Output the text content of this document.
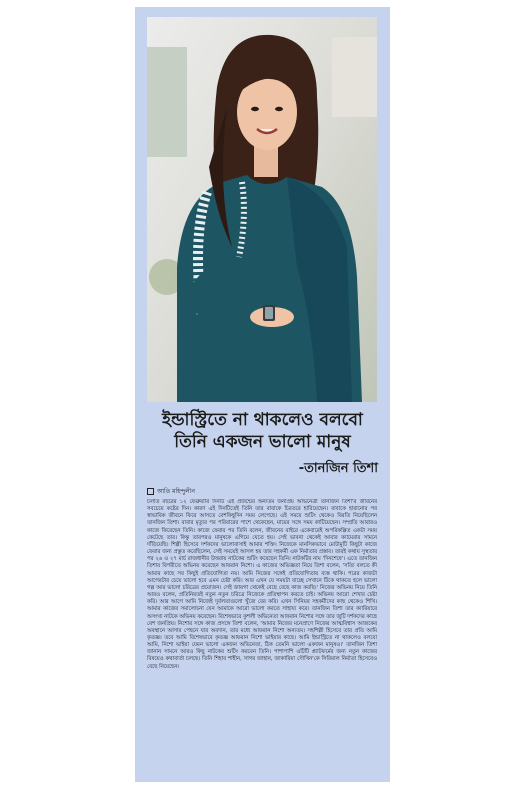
ইন্ডাস্ট্রিতে না থাকলেও বলবো
তিনি একজন ভালো মানুষ
-তানজিন তিশা
আতি মহিন্দুলীন
চলতি বছরের ১২ ফেব্রুয়ারি দিনটি এই প্রজন্মের অন্যতম জনপ্রিয় অভিনেত্রী তানজিন তিশা'র জীবনের সবচেয়ে কষ্টের দিন। কারণ এই দিনটিতেই তিনি তার বাবাকে চিরতরে হারিয়েছেন। বাবাকে হারানোর পর স্বাভাবিক জীবনে ফিরে আসতে বেশকিছুদিন সময় লেগেছে। এই সময়ে শুটিং থেকেও বিরতি নিয়েছিলেন তানজিন তিশা। বাবার মৃত্যুর পর পরিবারের পাশে থেকেছেন, মায়ের সঙ্গে সময় কাটিয়েছেন। সম্প্রতি আবারও কাজে ফিরেছেন তিনি। কাজে ফেরার পর তিনি বলেন, জীবনের বাইরে একেবারেই অপরিকল্পিত একটা সময় কেটেছে তার। কিন্তু তারপরও মানুষকে এগিয়ে যেতে হয়। সেই ভাবনা থেকেই আবার ক্যামেরার সামনে দাঁড়িয়েছি। শিল্পী হিসেবে দর্শকদের ভালোবাসাই আমার শক্তি। নিজেকে মানসিকভাবে মোটামুটি কিছুটা কাজে ফেরার জন্য প্রস্তুত করেছিলেন, সেই সময়েই আসল হয় তার সহকর্মী এক নির্মাতার প্রস্তাব। তারই কথায় সুস্থতার পর ২৬ ও ২৭ মার্চ রাজধানীর উত্তরায় নাটকের শুটিং করেছেন তিনি। নাটকটির নাম 'দিনশেষে'। এতে তানজিন তিশার বিপরীতে অভিনয় করেছেন আফরান নিশো। এ কাজের অভিজ্ঞতা নিয়ে তিশা বলেন, 'সত্যি বলতে কী আমার কাছে সব কিছুই প্রতিযোগিতা নয়। আমি নিজের সঙ্গেই প্রতিযোগিতায় ব্যস্ত থাকি। পরের কাজটা আগেরটার চেয়ে ভালো হবে এমন চেষ্টা করি। আর এখন যে সময়টা যাচ্ছে সেখানে টিকে থাকতে হলে ভালো গল্প আর ভালো চরিত্রের প্রয়োজন। সেই জায়গা থেকেই বেছে বেছে কাজ করছি।' নিজের অভিনয় নিয়ে তিনি আরও বলেন, প্রতিনিয়তই নতুন নতুন চরিত্রে নিজেকে প্রতিস্থাপন করতে চাই। অভিনয় আরো শেখার চেষ্টা করি। আর আগে আমি নিজেই দুর্বলতাগুলো খুঁজে বের করি। এখন সিনিয়র সহকর্মীদের কাছ থেকেও শিখি। আমার কাজের সমালোচনা যেন আমাকে আরো ভালো করতে সাহায্য করে। তানজিন তিশা তার ক্যারিয়ারে অসংখ্য নাটকে অভিনয় করেছেন। বিশেষভাবে কুশলী অভিনেতা আফরান নিশোর সঙ্গে তার জুটি দর্শকদের কাছে বেশ জনপ্রিয়। নিশোর সঙ্গে কাজ প্রসঙ্গে তিশা বলেন, 'আমার নিজের মনেপ্রাণে নিজের আত্মবিশ্বাস আজকের অবস্থানে আসার পেছনে যার অবদান, তার মধ্যে আফরান নিশো অন্যতম। সহশিল্পী হিসেবে তার প্রতি আমি কৃতজ্ঞ। তবে আমি বিশেষভাবে কৃতজ্ঞ আফরান নিশো ভাইয়ার কাছে। আমি ইন্ডাস্ট্রিতে না থাকলেও বলবো আমি, নিশো ভাইয়া যেমন ভালো একজন অভিনেতা, ঠিক তেমনি ভালো একজন মানুষও।' তানজিন তিশা জানান সামনে আরও কিছু নাটকের শুটিং করবেন তিনি। পাশাপাশি ওটিটি প্ল্যাটফর্মের জন্য নতুন কাজের বিষয়েও কথাবার্তা চলছে। তিনি শিহাব শাহীন, সাগর জাহান, জাকারিয়া সৌখিন'কে সিরিয়াল নির্মাতা হিসেবেও বেছে নিয়েছেন।
